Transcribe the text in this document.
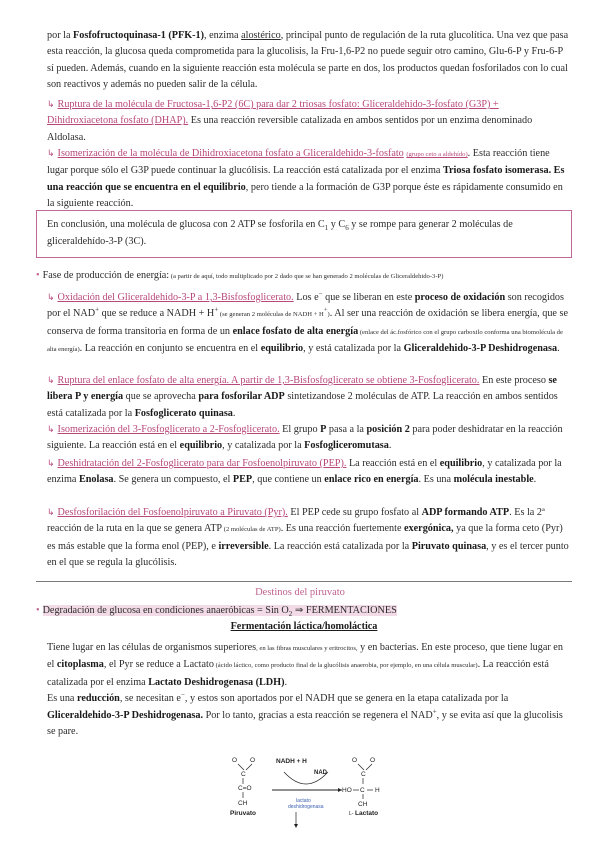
por la Fosfofructoquinasa-1 (PFK-1), enzima alostérico, principal punto de regulación de la ruta glucolítica. Una vez que pasa esta reacción, la glucosa queda comprometida para la glucolisis, la Fru-1,6-P2 no puede seguir otro camino, Glu-6-P y Fru-6-P sí pueden. Además, cuando en la siguiente reacción esta molécula se parte en dos, los productos quedan fosforilados con lo cual son reactivos y además no pueden salir de la célula.

↳ Ruptura de la molécula de Fructosa-1,6-P2 (6C) para dar 2 triosas fosfato: Gliceraldehido-3-fosfato (G3P) + Dihidroxiacetona fosfato (DHAP). Es una reacción reversible catalizada en ambos sentidos por un enzima denominado Aldolasa.

↳ Isomerización de la molécula de Dihidroxiacetona fosfato a Gliceraldehido-3-fosfato (grupo ceto a aldehído). Esta reacción tiene lugar porque sólo el G3P puede continuar la glucólisis. La reacción está catalizada por el enzima Triosa fosfato isomerasa. Es una reacción que se encuentra en el equilibrio, pero tiende a la formación de G3P porque éste es rápidamente consumido en la siguiente reacción.

En conclusión, una molécula de glucosa con 2 ATP se fosforila en $C_1$ y $C_6$ y se rompe para generar 2 moléculas de gliceraldehído-3-P (3C).

• Fase de producción de energía: (a partir de aquí, todo multiplicado por 2 dado que se han generado 2 moléculas de Gliceraldehido-3-P)

↳ Oxidación del Gliceraldehido-3-P a 1,3-Bisfosfoglicerato. Los e− que se liberan en este proceso de oxidación son recogidos por el NAD+ que se reduce a NADH + H+ (se generan 2 moléculas de NADH + H+). Al ser una reacción de oxidación se libera energía, que se conserva de forma transitoria en forma de un enlace fosfato de alta energía (enlace del ác.fosfórico con el grupo carboxilo conforma una biomolécula de alta energía). La reacción en conjunto se encuentra en el equilibrio, y está catalizada por la Gliceraldehido-3-P Deshidrogenasa.

↳ Ruptura del enlace fosfato de alta energía. A partir de 1,3-Bisfosfoglicerato se obtiene 3-Fosfoglicerato. En este proceso se libera P y energía que se aprovecha para fosforilar ADP sintetizandose 2 moléculas de ATP. La reacción en ambos sentidos está catalizada por la Fosfoglicerato quinasa.

↳ Isomerización del 3-Fosfoglicerato a 2-Fosfoglicerato. El grupo P pasa a la posición 2 para poder deshidratar en la reacción siguiente. La reacción está en el equilibrio, y catalizada por la Fosfogliceromutasa.

↳ Deshidratación del 2-Fosfoglicerato para dar Fosfoenolpiruvato (PEP). La reacción está en el equilibrio, y catalizada por la enzima Enolasa. Se genera un compuesto, el PEP, que contiene un enlace rico en energía. Es una molécula inestable.

↳ Desfosforilación del Fosfoenolpiruvato a Piruvato (Pyr). El PEP cede su grupo fosfato al ADP formando ATP. Es la 2ª reacción de la ruta en la que se genera ATP (2 moléculas de ATP). Es una reacción fuertemente exergónica, ya que la forma ceto (Pyr) es más estable que la forma enol (PEP), e irreversible. La reacción está catalizada por la Piruvato quinasa, y es el tercer punto en el que se regula la glucólisis.

Destinos del piruvato

• Degradación de glucosa en condiciones anaeróbicas = Sin $O_2$ ⇒ FERMENTACIONES

Fermentación láctica/homoláctica

Tiene lugar en las células de organismos superiores, en las fibras musculares y eritrocitos, y en bacterias. En este proceso, que tiene lugar en el citoplasma, el Pyr se reduce a Lactato (ácido láctico, como producto final de la glucólisis anaerobia, por ejemplo, en una célula muscular). La reacción está catalizada por el enzima Lactato Deshidrogenasa (LDH).

Es una reducción, se necesitan e−, y estos son aportados por el NADH que se genera en la etapa catalizada por la Gliceraldehido-3-P Deshidrogenasa. Por lo tanto, gracias a esta reacción se regenera el NAD+, y se evita así que la glucolisis se pare.

O O
C
C=O
CH
Piruvato
NADH + H
NAD
lactato
deshidrogenasa
O O
C
HO C H
CH
L- Lactato
